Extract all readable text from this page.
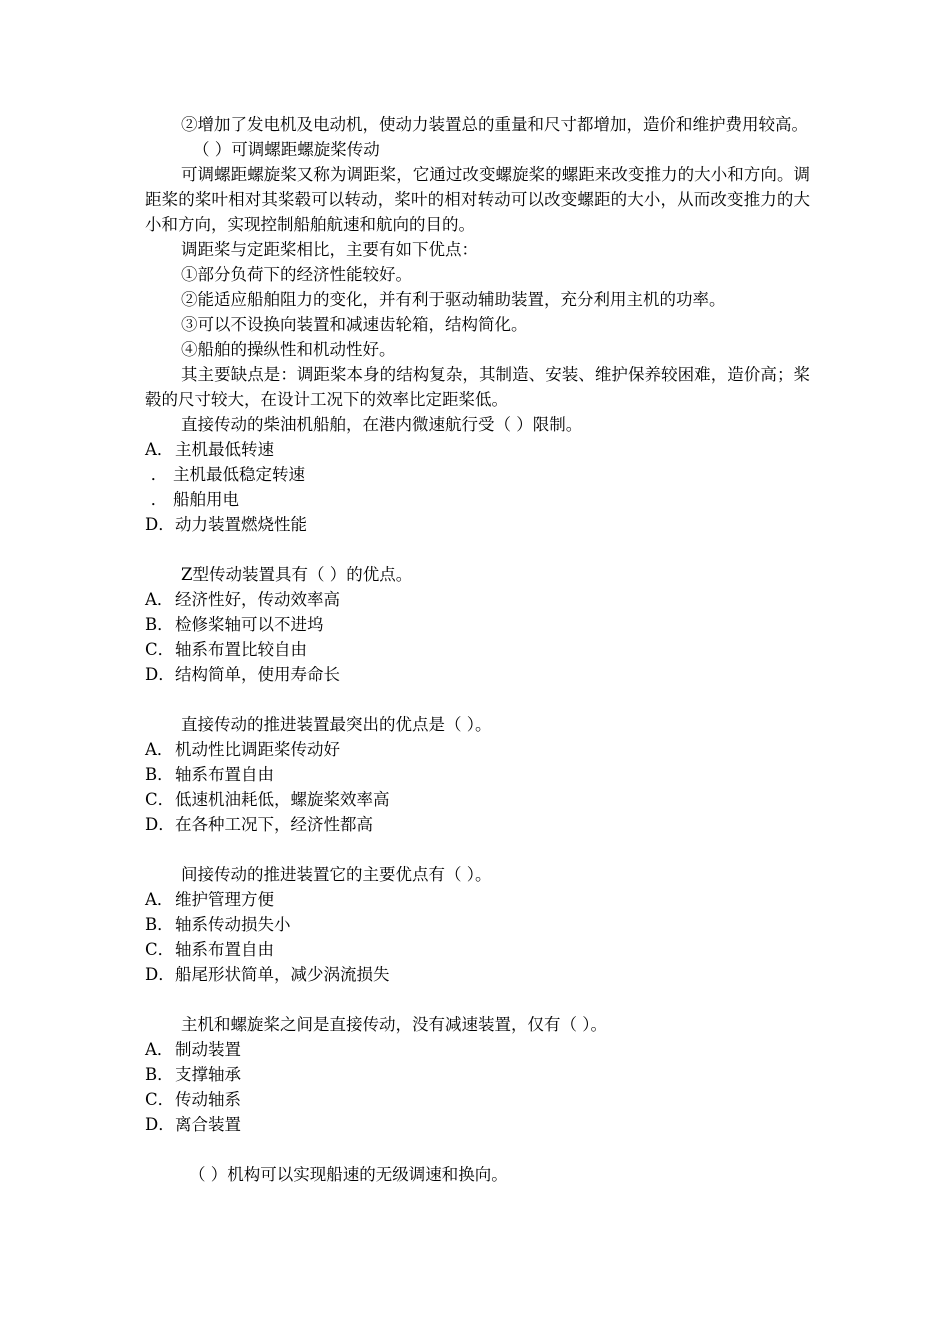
②增加了发电机及电动机，使动力装置总的重量和尺寸都增加，造价和维护费用较高。

（ ）可调螺距螺旋桨传动

可调螺距螺旋桨又称为调距桨，它通过改变螺旋桨的螺距来改变推力的大小和方向。调距桨的桨叶相对其桨毂可以转动，桨叶的相对转动可以改变螺距的大小，从而改变推力的大小和方向，实现控制船舶航速和航向的目的。

调距桨与定距桨相比，主要有如下优点：

①部分负荷下的经济性能较好。

②能适应船舶阻力的变化，并有利于驱动辅助装置，充分利用主机的功率。

③可以不设换向装置和减速齿轮箱，结构简化。

④船舶的操纵性和机动性好。

其主要缺点是：调距桨本身的结构复杂，其制造、安装、维护保养较困难，造价高；桨毂的尺寸较大，在设计工况下的效率比定距桨低。

直接传动的柴油机船舶，在港内微速航行受（ ）限制。

A． 主机最低转速
． 主机最低稳定转速
． 船舶用电
D． 动力装置燃烧性能

Z型传动装置具有（ ）的优点。

A． 经济性好，传动效率高
B． 检修桨轴可以不进坞
C． 轴系布置比较自由
D． 结构简单，使用寿命长

直接传动的推进装置最突出的优点是（ ）。

A． 机动性比调距桨传动好
B． 轴系布置自由
C． 低速机油耗低，螺旋桨效率高
D． 在各种工况下，经济性都高

间接传动的推进装置它的主要优点有（ ）。

A． 维护管理方便
B． 轴系传动损失小
C． 轴系布置自由
D． 船尾形状简单，减少涡流损失

主机和螺旋桨之间是直接传动，没有减速装置，仅有（ ）。

A． 制动装置
B． 支撑轴承
C． 传动轴系
D． 离合装置

（ ）机构可以实现船速的无级调速和换向。
